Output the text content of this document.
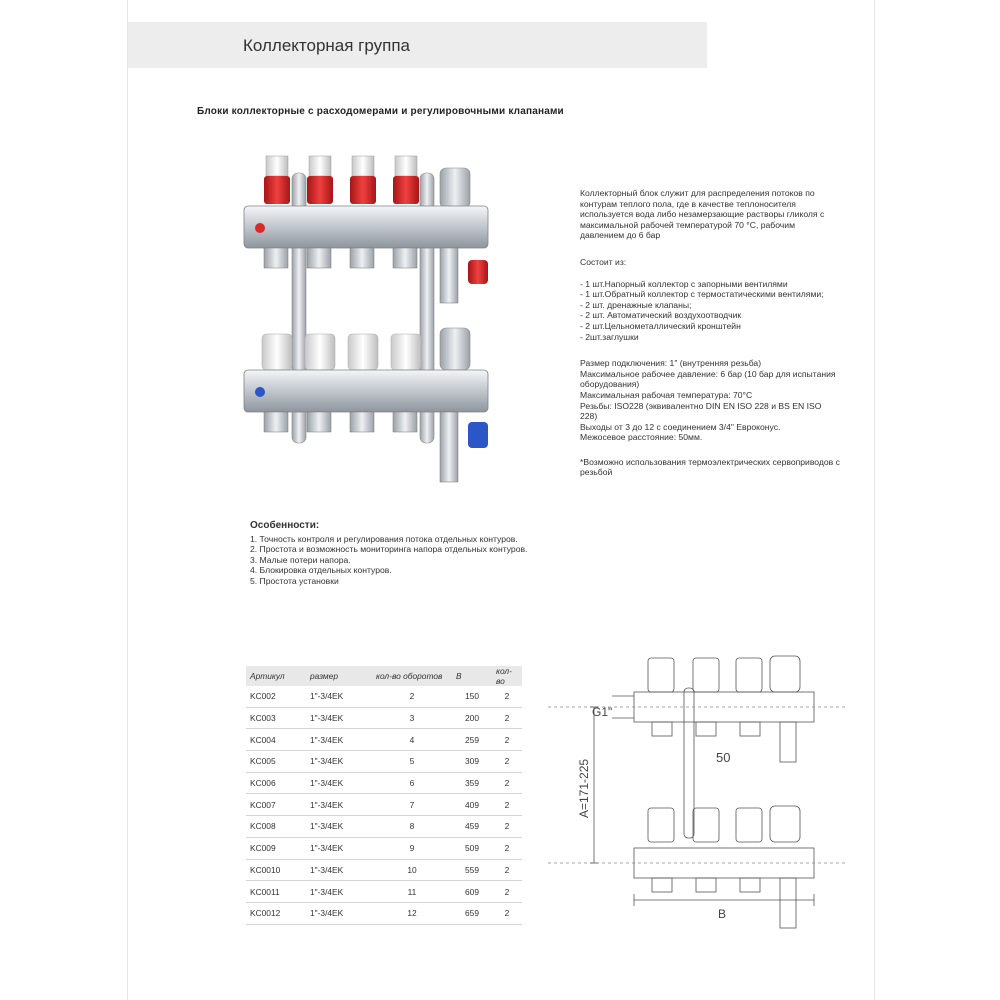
Коллекторная группа
Блоки коллекторные с расходомерами и регулировочными клапанами

Коллекторный блок служит для распределения потоков по контурам теплого пола, где в качестве теплоносителя используется вода либо незамерзающие растворы гликоля с максимальной рабочей температурой 70 °С, рабочим давлением до 6 бар

Состоит из:

- 1 шт.Напорный коллектор с запорными вентилями

- 1 шт.Обратный коллектор с термостатическими вентилями;

- 2 шт. дренажные клапаны;

- 2 шт. Автоматический воздухоотводчик

- 2 шт.Цельнометаллический кронштейн

- 2шт.заглушки

Размер подключения: 1" (внутренняя резьба)

Максимальное рабочее давление: 6 бар (10 бар для испытания оборудования)

Максимальная рабочая температура: 70°С

Резьбы: ISO228 (эквивалентно DIN EN ISO 228 и BS EN ISO 228)

Выходы от 3 до 12 с соединением 3/4" Евроконус.

Межосевое расстояние: 50мм.

*Возможно использования термоэлектрических сервоприводов с резьбой

Особенности:
1. Точность контроля и регулирования потока отдельных контуров.
2. Простота и возможность мониторинга напора отдельных контуров.
3. Малые потери напора.
4. Блокировка отдельных контуров.
5. Простота установки
Артикул	размер	кол-во оборотов	B	кол-во
KC002	1"-3/4EK	2	150	2
KC003	1"-3/4EK	3	200	2
KC004	1"-3/4EK	4	259	2
KC005	1"-3/4EK	5	309	2
KC006	1"-3/4EK	6	359	2
KC007	1"-3/4EK	7	409	2
KC008	1"-3/4EK	8	459	2
KC009	1"-3/4EK	9	509	2
KC0010	1"-3/4EK	10	559	2
KC0011	1"-3/4EK	11	609	2
KC0012	1"-3/4EK	12	659	2
G1"
50
A=171-225
B
